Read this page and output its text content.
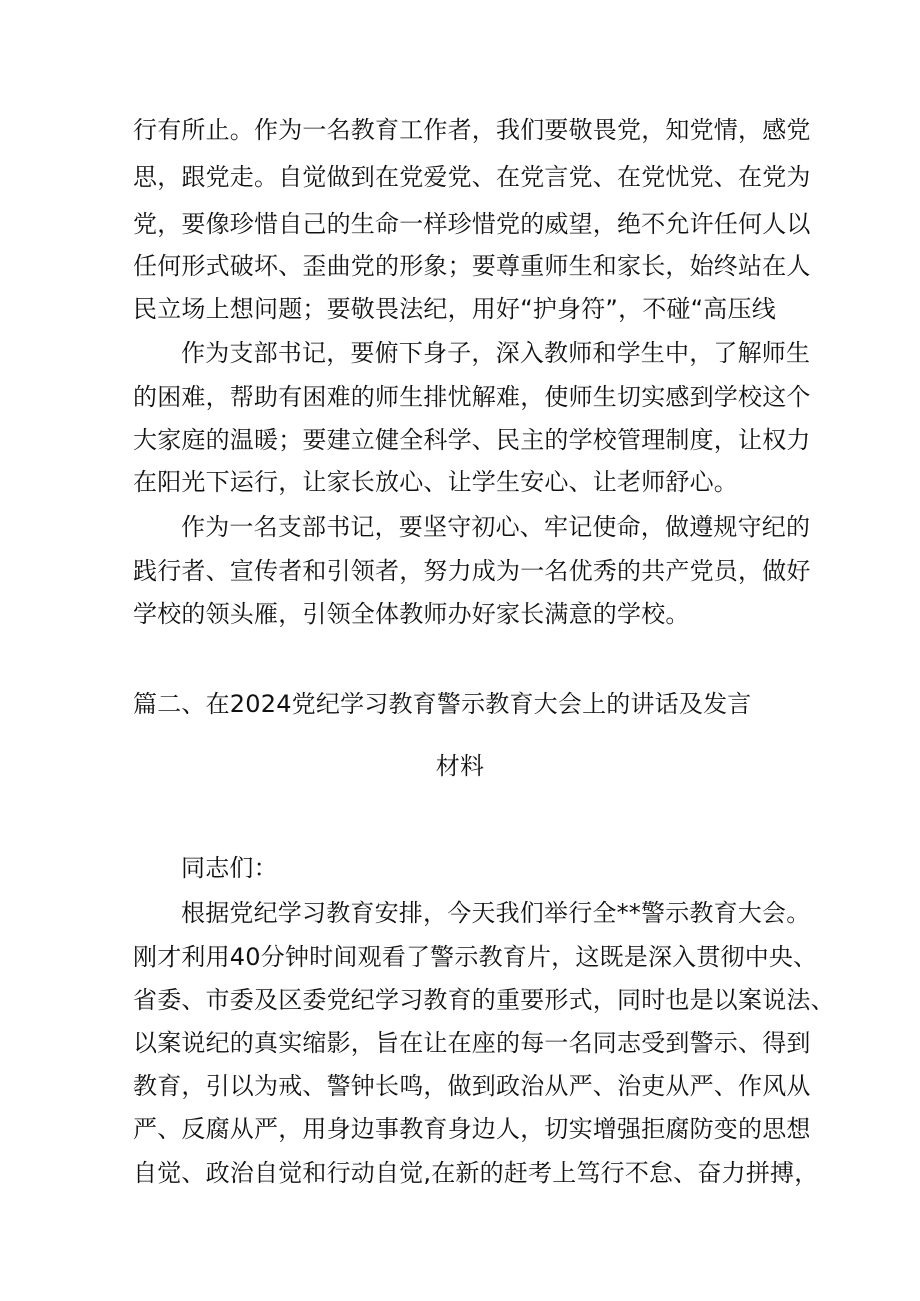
行有所止。作为一名教育工作者，我们要敬畏党，知党情，感党
思，跟党走。自觉做到在党爱党、在党言党、在党忧党、在党为
党，要像珍惜自己的生命一样珍惜党的威望，绝不允许任何人以
任何形式破坏、歪曲党的形象；要尊重师生和家长，始终站在人
民立场上想问题；要敬畏法纪，用好“护身符”，不碰“高压线
作为支部书记，要俯下身子，深入教师和学生中，了解师生
的困难，帮助有困难的师生排忧解难，使师生切实感到学校这个
大家庭的温暖；要建立健全科学、民主的学校管理制度，让权力
在阳光下运行，让家长放心、让学生安心、让老师舒心。
作为一名支部书记，要坚守初心、牢记使命，做遵规守纪的
践行者、宣传者和引领者，努力成为一名优秀的共产党员，做好
学校的领头雁，引领全体教师办好家长满意的学校。
篇二、在2024党纪学习教育警示教育大会上的讲话及发言
材料
同志们：
根据党纪学习教育安排，今天我们举行全**警示教育大会。
刚才利用40分钟时间观看了警示教育片，这既是深入贯彻中央、
省委、市委及区委党纪学习教育的重要形式，同时也是以案说法、
以案说纪的真实缩影，旨在让在座的每一名同志受到警示、得到
教育，引以为戒、警钟长鸣，做到政治从严、治吏从严、作风从
严、反腐从严，用身边事教育身边人，切实增强拒腐防变的思想
自觉、政治自觉和行动自觉,在新的赶考上笃行不怠、奋力拼搏，
